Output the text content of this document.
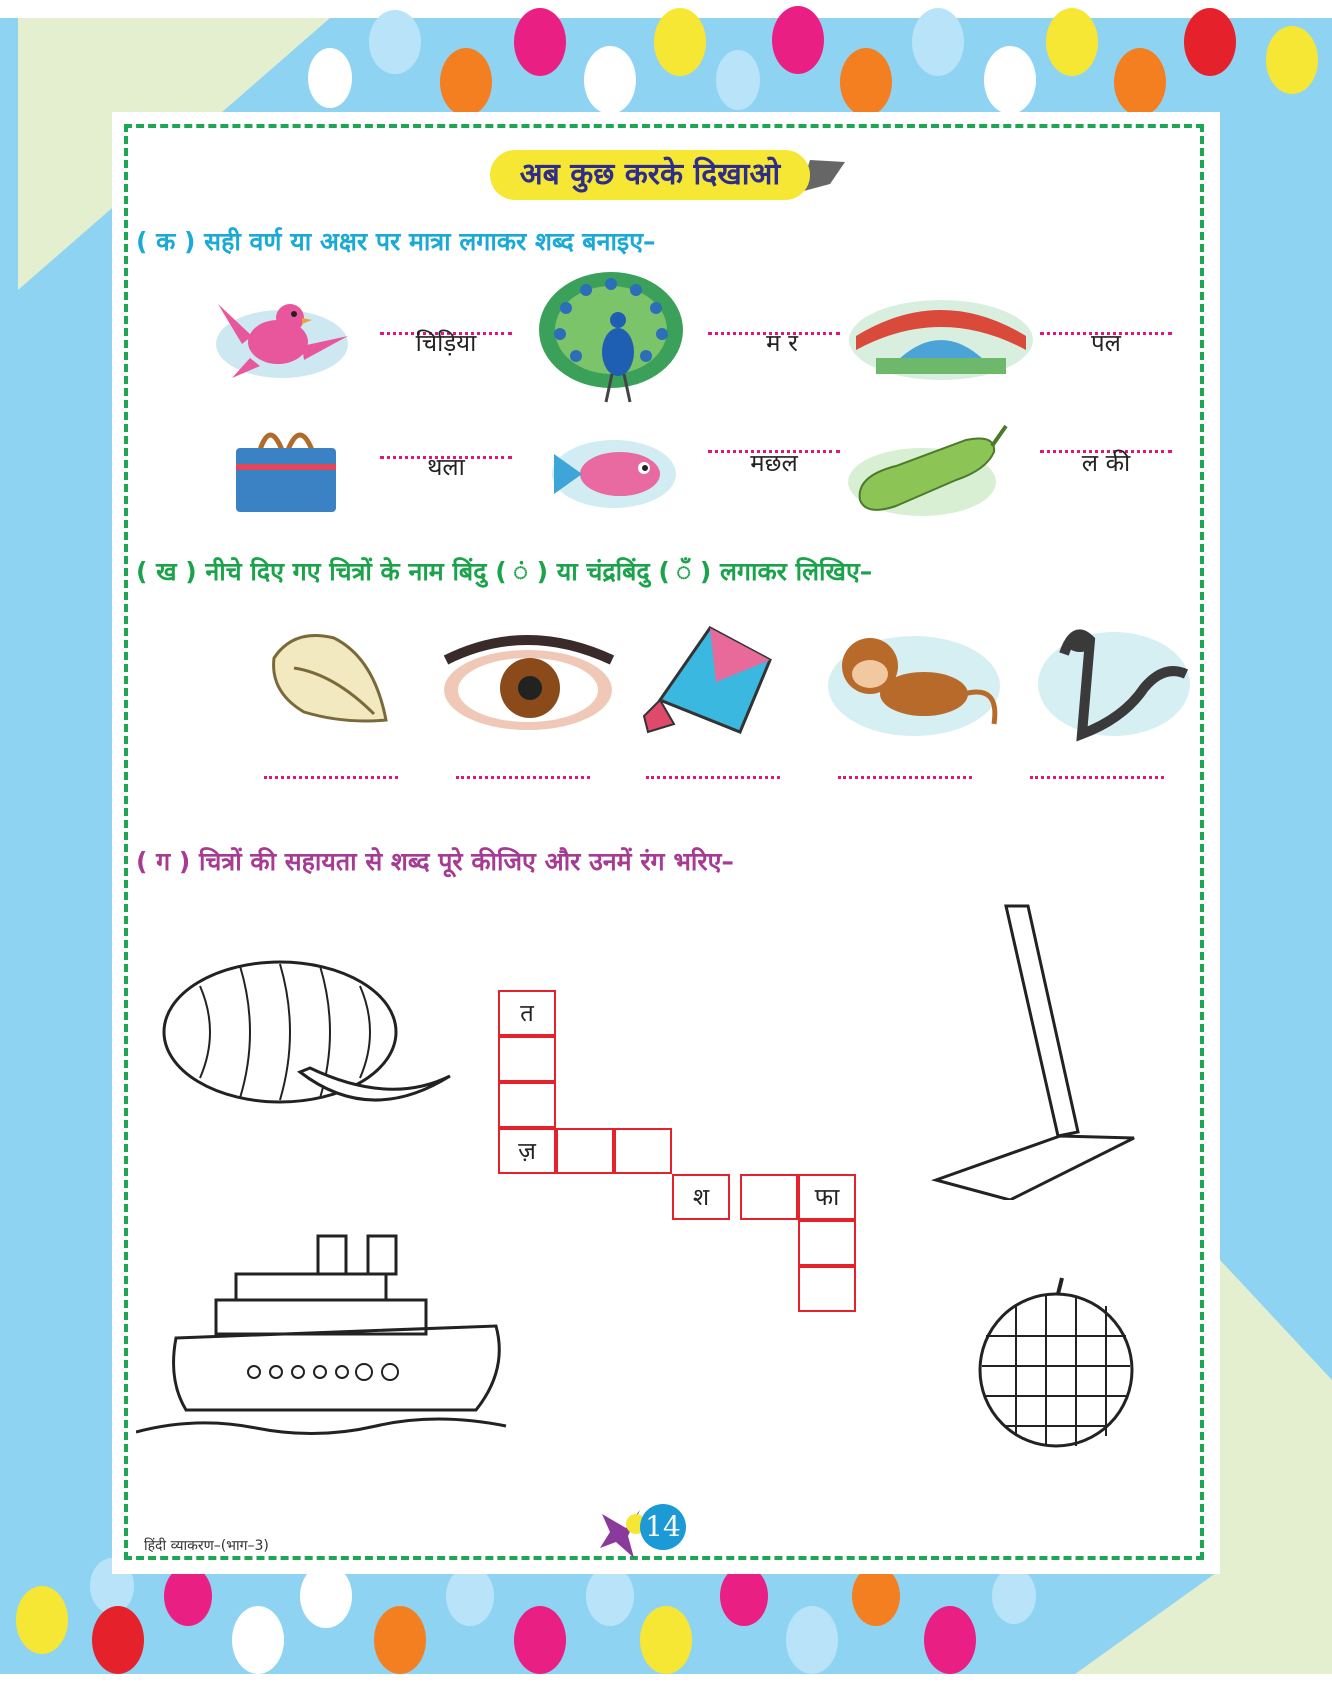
अब कुछ करके दिखाओ
( क ) सही वर्ण या अक्षर पर मात्रा लगाकर शब्द बनाइए–
चिड़िया	म र	पल
थला	मछल	ल की
( ख ) नीचे दिए गए चित्रों के नाम बिंदु ( ं ) या चंद्रबिंदु ( ँ ) लगाकर लिखिए–
( ग ) चित्रों की सहायता से शब्द पूरे कीजिए और उनमें रंग भरिए–
त
ज़
श	फा
हिंदी व्याकरण–(भाग–3)
14
